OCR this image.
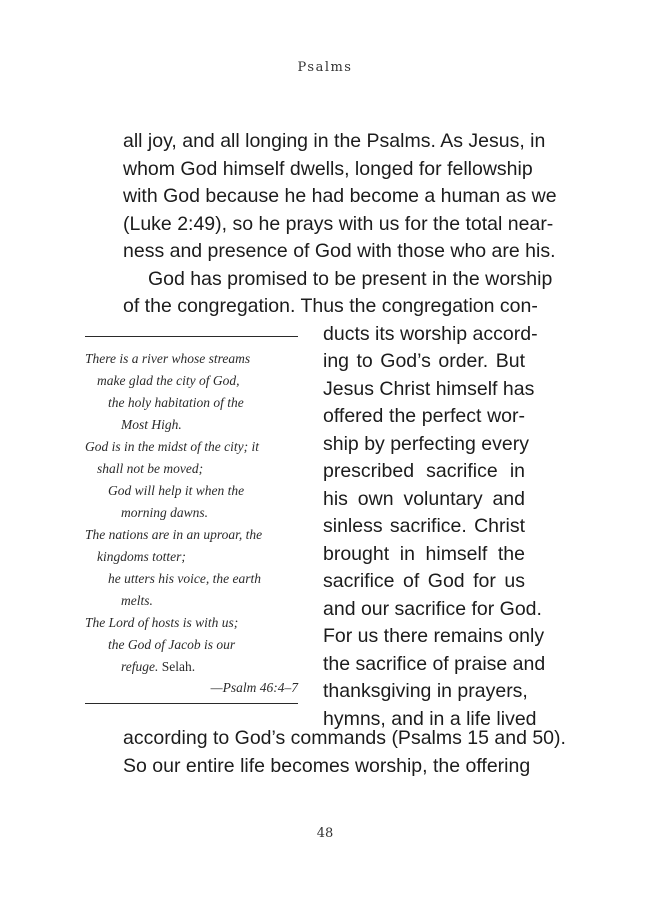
Psalms
all joy, and all longing in the Psalms. As Jesus, in
whom God himself dwells, longed for fellowship
with God because he had become a human as we
(Luke 2:49), so he prays with us for the total near-
ness and presence of God with those who are his.
God has promised to be present in the worship
of the congregation. Thus the congregation con-
ducts its worship accord-
ing to God’s order. But
Jesus Christ himself has
offered the perfect wor-
ship by perfecting every
prescribed sacrifice in
his own voluntary and
sinless sacrifice. Christ
brought in himself the
sacrifice of God for us
and our sacrifice for God.
For us there remains only
the sacrifice of praise and
thanksgiving in prayers,
hymns, and in a life lived
according to God’s commands (Psalms 15 and 50).
So our entire life becomes worship, the offering
There is a river whose streams
make glad the city of God,
the holy habitation of the
Most High.
God is in the midst of the city; it
shall not be moved;
God will help it when the
morning dawns.
The nations are in an uproar, the
kingdoms totter;
he utters his voice, the earth
melts.
The Lord of hosts is with us;
the God of Jacob is our
refuge. Selah.
—Psalm 46:4–7
48
